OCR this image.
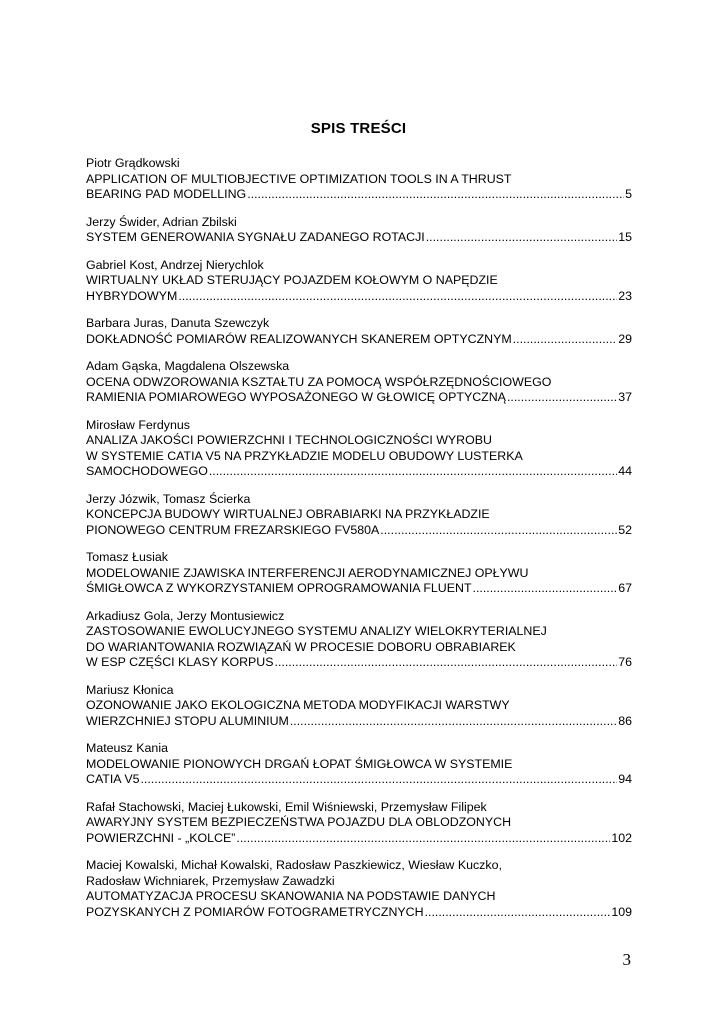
SPIS TREŚCI
Piotr Grądkowski
APPLICATION OF MULTIOBJECTIVE OPTIMIZATION TOOLS IN A THRUST
BEARING PAD MODELLING .....	5
Jerzy Świder, Adrian Zbilski
SYSTEM GENEROWANIA SYGNAŁU ZADANEGO ROTACJI .....	15
Gabriel Kost, Andrzej Nierychlok
WIRTUALNY UKŁAD STERUJĄCY POJAZDEM KOŁOWYM O NAPĘDZIE
HYBRYDOWYM .....	23
Barbara Juras, Danuta Szewczyk
DOKŁADNOŚĆ POMIARÓW REALIZOWANYCH SKANEREM OPTYCZNYM .....	29
Adam Gąska, Magdalena Olszewska
OCENA ODWZOROWANIA KSZTAŁTU ZA POMOCĄ WSPÓŁRZĘDNOŚCIOWEGO
RAMIENIA POMIAROWEGO WYPOSAŻONEGO W GŁOWICĘ OPTYCZNĄ .....	37
Mirosław Ferdynus
ANALIZA JAKOŚCI POWIERZCHNI I TECHNOLOGICZNOŚCI WYROBU
W SYSTEMIE CATIA V5 NA PRZYKŁADZIE MODELU OBUDOWY LUSTERKA
SAMOCHODOWEGO .....	44
Jerzy Józwik, Tomasz Ścierka
KONCEPCJA BUDOWY WIRTUALNEJ OBRABIARKI NA PRZYKŁADZIE
PIONOWEGO CENTRUM FREZARSKIEGO FV580A .....	52
Tomasz Łusiak
MODELOWANIE ZJAWISKA INTERFERENCJI AERODYNAMICZNEJ OPŁYWU
ŚMIGŁOWCA Z WYKORZYSTANIEM OPROGRAMOWANIA FLUENT .....	67
Arkadiusz Gola, Jerzy Montusiewicz
ZASTOSOWANIE EWOLUCYJNEGO SYSTEMU ANALIZY WIELOKRYTERIALNEJ
DO WARIANTOWANIA ROZWIĄZAŃ W PROCESIE DOBORU OBRABIAREK
W ESP CZĘŚCI KLASY KORPUS .....	76
Mariusz Kłonica
OZONOWANIE JAKO EKOLOGICZNA METODA MODYFIKACJI WARSTWY
WIERZCHNIEJ STOPU ALUMINIUM .....	86
Mateusz Kania
MODELOWANIE PIONOWYCH DRGAŃ ŁOPAT ŚMIGŁOWCA W SYSTEMIE
CATIA V5 .....	94
Rafał Stachowski, Maciej Łukowski, Emil Wiśniewski, Przemysław Filipek
AWARYJNY SYSTEM BEZPIECZEŃSTWA POJAZDU DLA OBLODZONYCH
POWIERZCHNI - „KOLCE” .....	102
Maciej Kowalski, Michał Kowalski, Radosław Paszkiewicz, Wiesław Kuczko,
Radosław Wichniarek, Przemysław Zawadzki
AUTOMATYZACJA PROCESU SKANOWANIA NA PODSTAWIE DANYCH
POZYSKANYCH Z POMIARÓW FOTOGRAMETRYCZNYCH .....	109
3
